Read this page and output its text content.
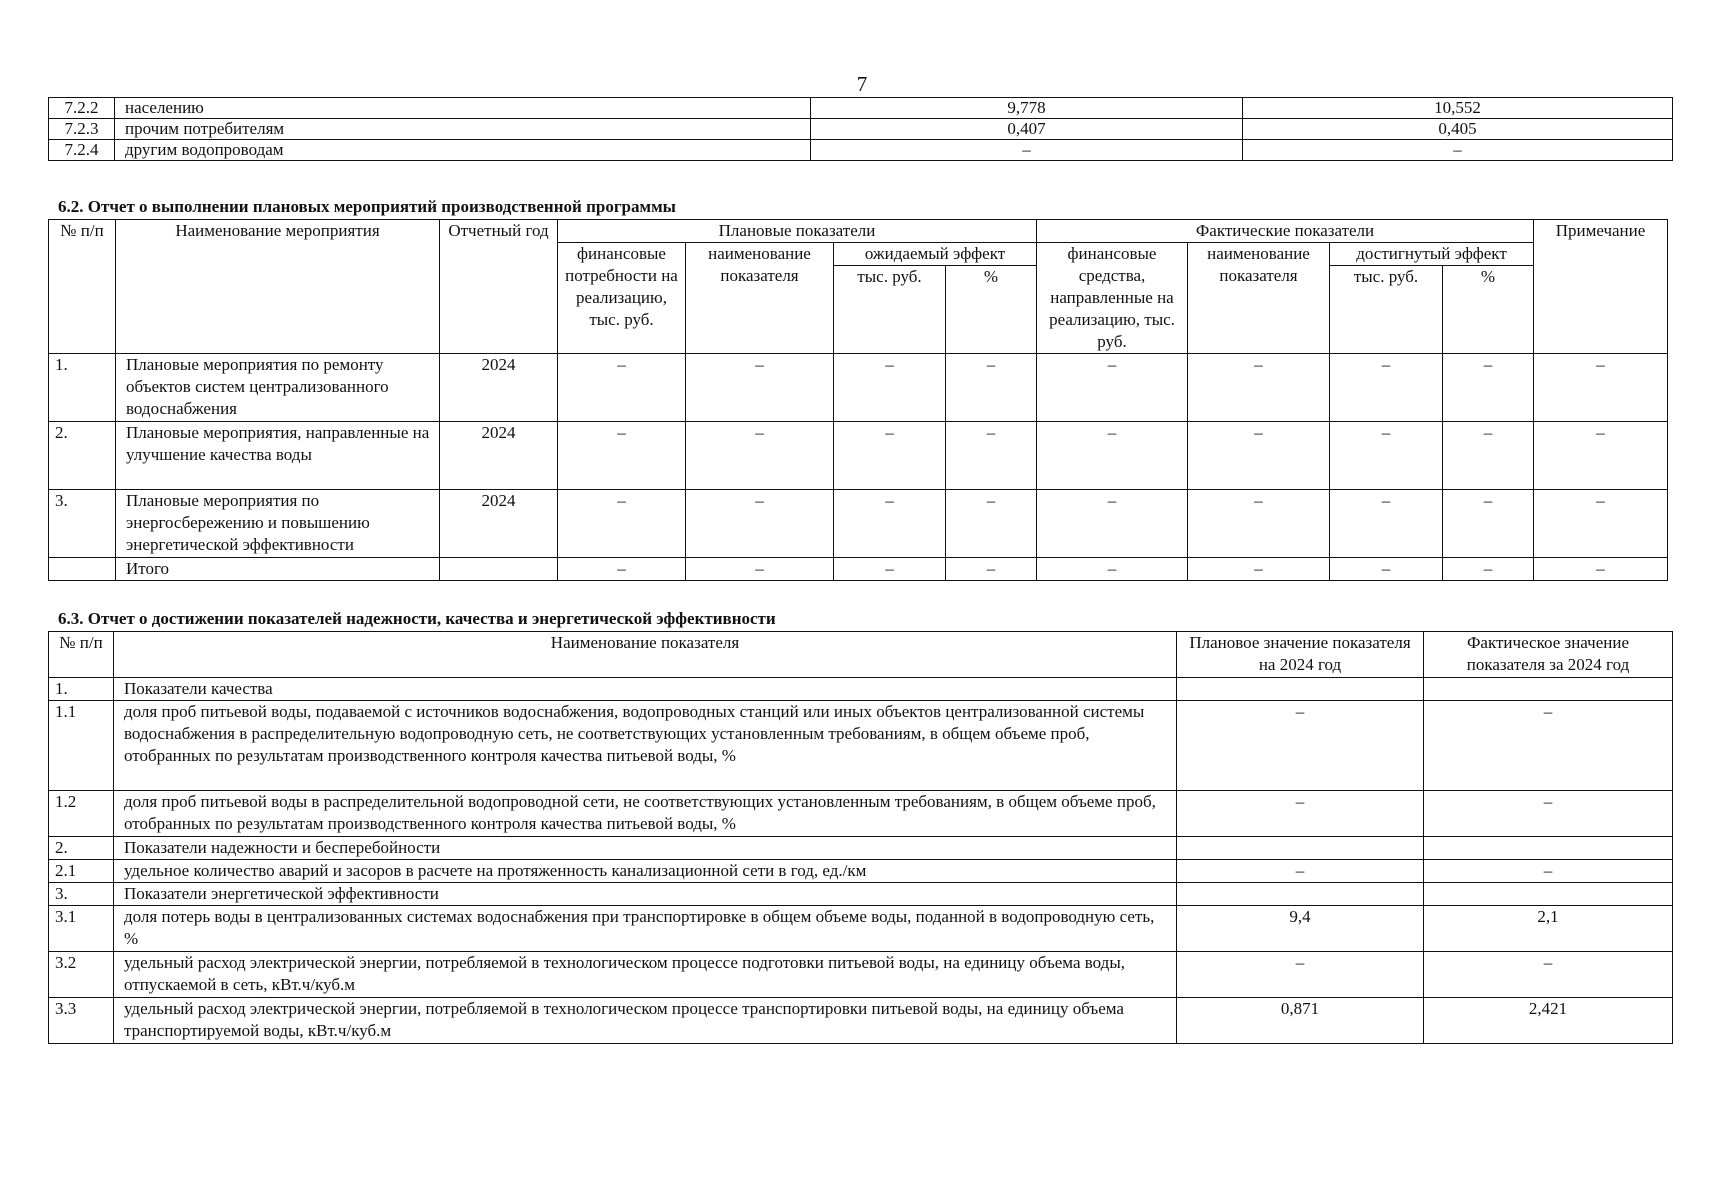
7
7.2.2	населению	9,778	10,552
7.2.3	прочим потребителям	0,407	0,405
7.2.4	другим водопроводам	–	–
6.2. Отчет о выполнении плановых мероприятий производственной программы
№ п/п	Наименование мероприятия	Отчетный год	Плановые показатели				Фактические показатели				Примечание
			финансовые потребности на реализацию, тыс. руб.	наименование показателя	ожидаемый эффект		финансовые средства, направленные на реализацию, тыс. руб.	наименование показателя	достигнутый эффект		
					тыс. руб.	%			тыс. руб.	%	
1.	Плановые мероприятия по ремонту объектов систем централизованного водоснабжения	2024	–	–	–	–	–	–	–	–	–
2.	Плановые мероприятия, направленные на улучшение качества воды	2024	–	–	–	–	–	–	–	–	–
3.	Плановые мероприятия по энергосбережению и повышению энергетической эффективности	2024	–	–	–	–	–	–	–	–	–
	Итого		–	–	–	–	–	–	–	–	–
6.3. Отчет о достижении показателей надежности, качества и энергетической эффективности
№ п/п	Наименование показателя	Плановое значение показателя на 2024 год	Фактическое значение показателя за 2024 год
1.	Показатели качества		
1.1	доля проб питьевой воды, подаваемой с источников водоснабжения, водопроводных станций или иных объектов централизованной системы водоснабжения в распределительную водопроводную сеть, не соответствующих установленным требованиям, в общем объеме проб, отобранных по результатам производственного контроля качества питьевой воды, %	–	–
1.2	доля проб питьевой воды в распределительной водопроводной сети, не соответствующих установленным требованиям, в общем объеме проб, отобранных по результатам производственного контроля качества питьевой воды, %	–	–
2.	Показатели надежности и бесперебойности		
2.1	удельное количество аварий и засоров в расчете на протяженность канализационной сети в год, ед./км	–	–
3.	Показатели энергетической эффективности		
3.1	доля потерь воды в централизованных системах водоснабжения при транспортировке в общем объеме воды, поданной в водопроводную сеть, %	9,4	2,1
3.2	удельный расход электрической энергии, потребляемой в технологическом процессе подготовки питьевой воды, на единицу объема воды, отпускаемой в сеть, кВт.ч/куб.м	–	–
3.3	удельный расход электрической энергии, потребляемой в технологическом процессе транспортировки питьевой воды, на единицу объема транспортируемой воды, кВт.ч/куб.м	0,871	2,421
